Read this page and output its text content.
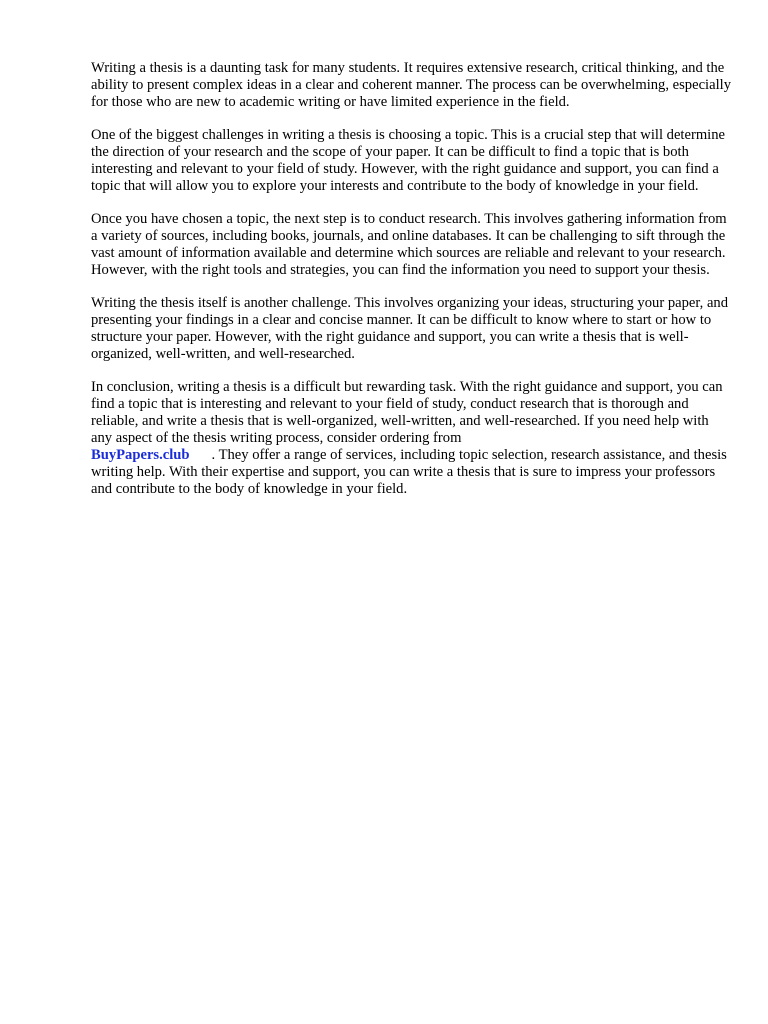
Writing a thesis is a daunting task for many students. It requires extensive research, critical thinking, and the ability to present complex ideas in a clear and coherent manner. The process can be overwhelming, especially for those who are new to academic writing or have limited experience in the field.

One of the biggest challenges in writing a thesis is choosing a topic. This is a crucial step that will determine the direction of your research and the scope of your paper. It can be difficult to find a topic that is both interesting and relevant to your field of study. However, with the right guidance and support, you can find a topic that will allow you to explore your interests and contribute to the body of knowledge in your field.

Once you have chosen a topic, the next step is to conduct research. This involves gathering information from a variety of sources, including books, journals, and online databases. It can be challenging to sift through the vast amount of information available and determine which sources are reliable and relevant to your research. However, with the right tools and strategies, you can find the information you need to support your thesis.

Writing the thesis itself is another challenge. This involves organizing your ideas, structuring your paper, and presenting your findings in a clear and concise manner. It can be difficult to know where to start or how to structure your paper. However, with the right guidance and support, you can write a thesis that is well-organized, well-written, and well-researched.

In conclusion, writing a thesis is a difficult but rewarding task. With the right guidance and support, you can find a topic that is interesting and relevant to your field of study, conduct research that is thorough and reliable, and write a thesis that is well-organized, well-written, and well-researched. If you need help with any aspect of the thesis writing process, consider ordering from
BuyPapers.club . They offer a range of services, including topic selection, research assistance, and thesis writing help. With their expertise and support, you can write a thesis that is sure to impress your professors and contribute to the body of knowledge in your field.
